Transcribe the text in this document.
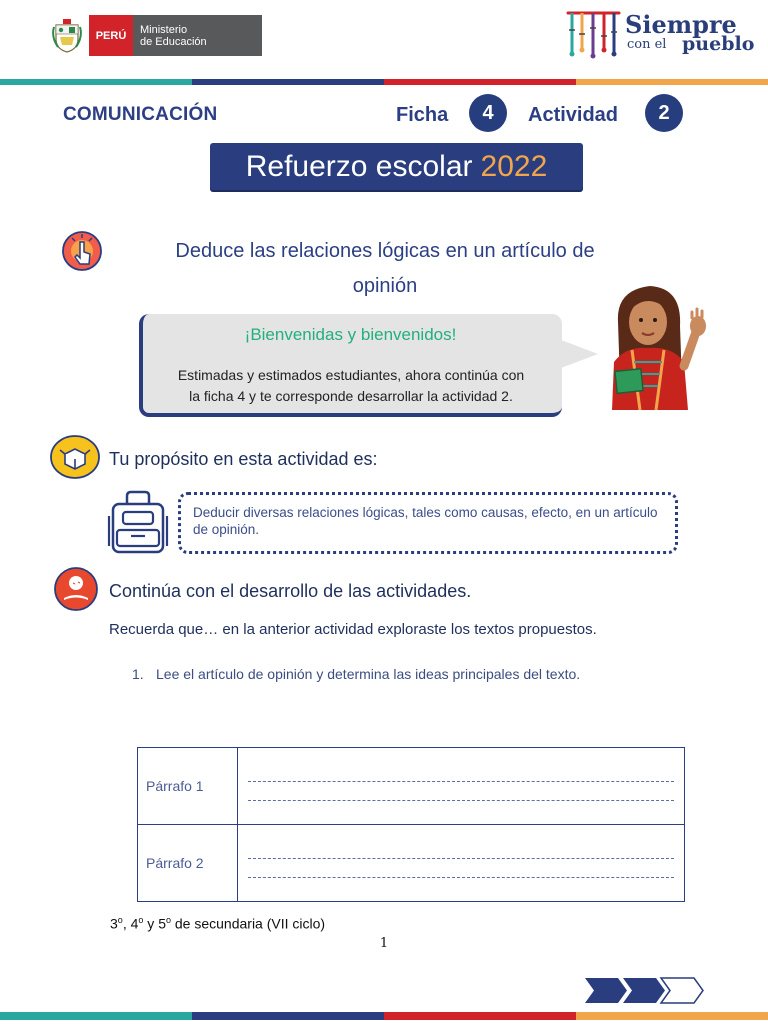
PERÚ	Ministerio
de Educación
Siempre
con el pueblo
COMUNICACIÓN	Ficha	4	Actividad	2
Refuerzo escolar 2022
Deduce las relaciones lógicas en un artículo de
opinión
¡Bienvenidas y bienvenidos!
Estimadas y estimados estudiantes, ahora continúa con
la ficha 4 y te corresponde desarrollar la actividad 2.
Tu propósito en esta actividad es:
Deducir diversas relaciones lógicas, tales como causas, efecto, en un artículo de opinión.
Continúa con el desarrollo de las actividades.
Recuerda que… en la anterior actividad exploraste los textos propuestos.
1. Lee el artículo de opinión y determina las ideas principales del texto.
Párrafo 1	

Párrafo 2	
3$^o$, 4$^o$ y 5$^o$ de secundaria (VII ciclo)
1
